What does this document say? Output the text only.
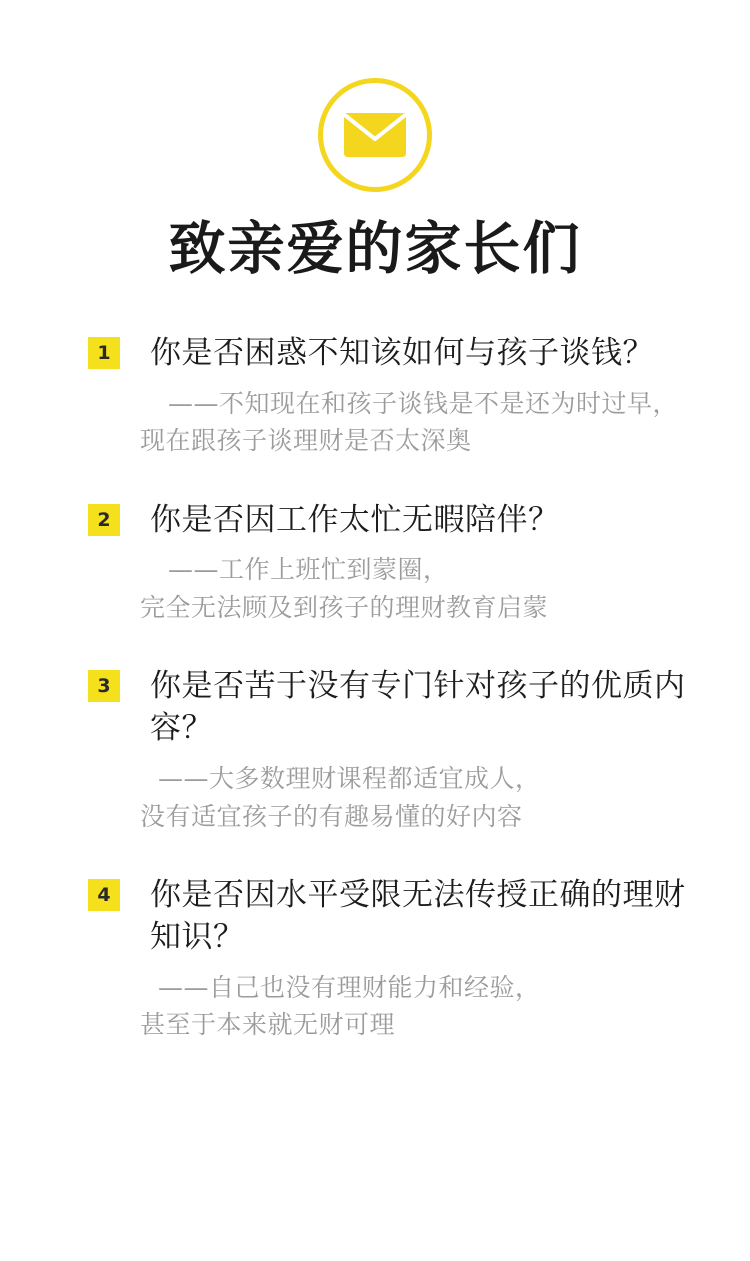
致亲爱的家长们
1	你是否困惑不知该如何与孩子谈钱？
——不知现在和孩子谈钱是不是还为时过早，
现在跟孩子谈理财是否太深奥
2	你是否因工作太忙无暇陪伴？
——工作上班忙到蒙圈，
完全无法顾及到孩子的理财教育启蒙
3	你是否苦于没有专门针对孩子的优质内容？
——大多数理财课程都适宜成人，
没有适宜孩子的有趣易懂的好内容
4	你是否因水平受限无法传授正确的理财知识？
——自己也没有理财能力和经验，
甚至于本来就无财可理
